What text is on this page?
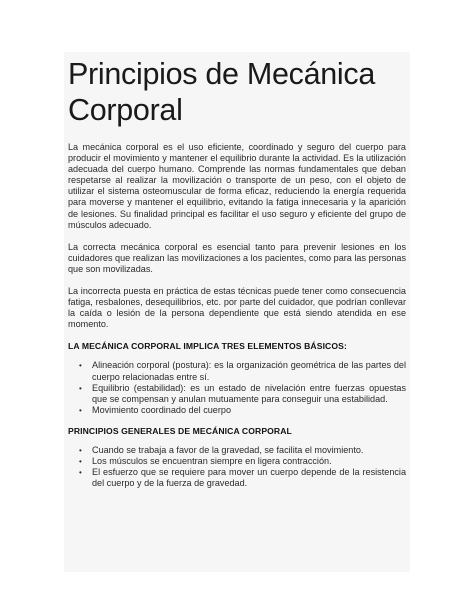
Principios de Mecánica Corporal

La mecánica corporal es el uso eficiente, coordinado y seguro del cuerpo para producir el movimiento y mantener el equilibrio durante la actividad. Es la utilización adecuada del cuerpo humano. Comprende las normas fundamentales que deban respetarse al realizar la movilización o transporte de un peso, con el objeto de utilizar el sistema osteomuscular de forma eficaz, reduciendo la energía requerida para moverse y mantener el equilibrio, evitando la fatiga innecesaria y la aparición de lesiones. Su finalidad principal es facilitar el uso seguro y eficiente del grupo de músculos adecuado.

La correcta mecánica corporal es esencial tanto para prevenir lesiones en los cuidadores que realizan las movilizaciones a los pacientes, como para las personas que son movilizadas.

La incorrecta puesta en práctica de estas técnicas puede tener como consecuencia fatiga, resbalones, desequilibrios, etc. por parte del cuidador, que podrían conllevar la caída o lesión de la persona dependiente que está siendo atendida en ese momento.

LA MECÁNICA CORPORAL IMPLICA TRES ELEMENTOS BÁSICOS:
• Alineación corporal (postura): es la organización geométrica de las partes del cuerpo relacionadas entre sí.
• Equilibrio (estabilidad): es un estado de nivelación entre fuerzas opuestas que se compensan y anulan mutuamente para conseguir una estabilidad.
• Movimiento coordinado del cuerpo
PRINCIPIOS GENERALES DE MECÁNICA CORPORAL
• Cuando se trabaja a favor de la gravedad, se facilita el movimiento.
• Los músculos se encuentran siempre en ligera contracción.
• El esfuerzo que se requiere para mover un cuerpo depende de la resistencia del cuerpo y de la fuerza de gravedad.
